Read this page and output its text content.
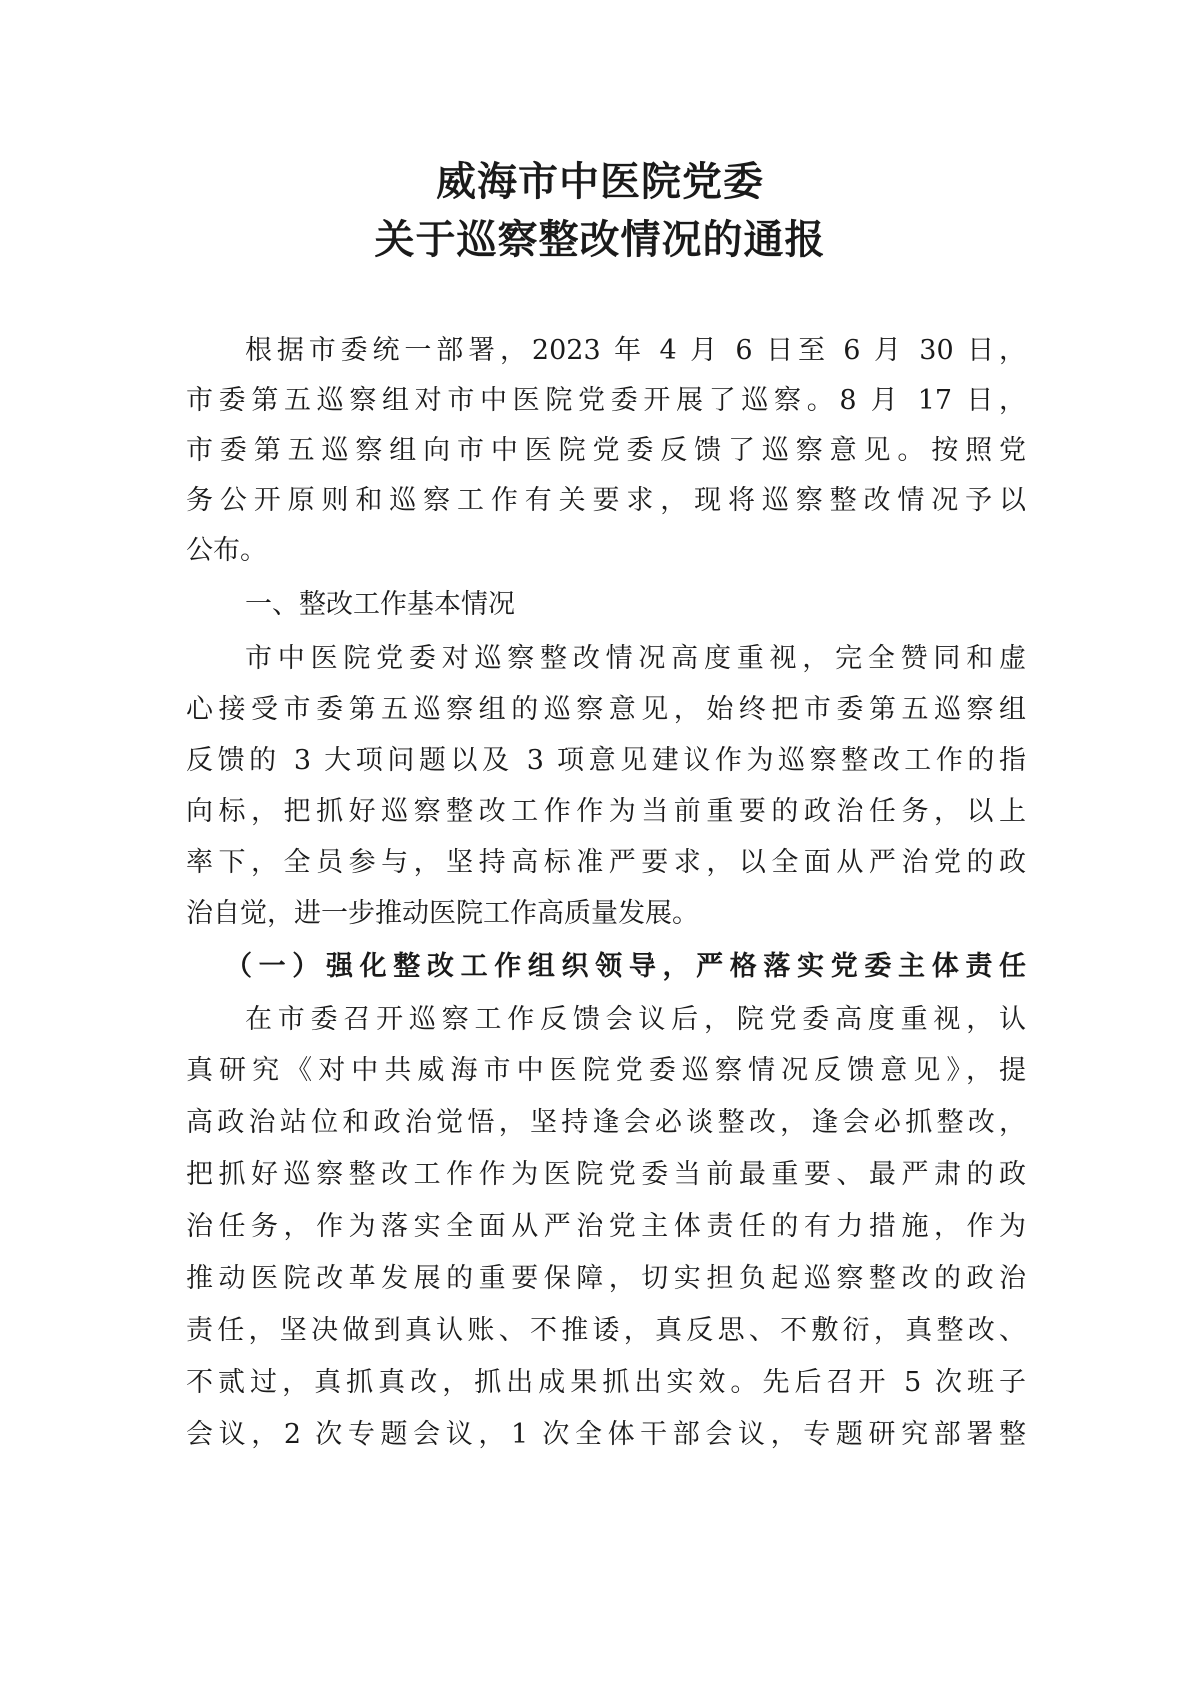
威海市中医院党委
关于巡察整改情况的通报
根据市委统一部署，2023 年 4 月 6 日至 6 月 30 日，
市委第五巡察组对市中医院党委开展了巡察。8 月 17 日，
市委第五巡察组向市中医院党委反馈了巡察意见。按照党
务公开原则和巡察工作有关要求，现将巡察整改情况予以
公布。
一、整改工作基本情况
市中医院党委对巡察整改情况高度重视，完全赞同和虚
心接受市委第五巡察组的巡察意见，始终把市委第五巡察组
反馈的 3 大项问题以及 3 项意见建议作为巡察整改工作的指
向标，把抓好巡察整改工作作为当前重要的政治任务，以上
率下，全员参与，坚持高标准严要求，以全面从严治党的政
治自觉，进一步推动医院工作高质量发展。
（一）强化整改工作组织领导，严格落实党委主体责任
在市委召开巡察工作反馈会议后，院党委高度重视，认
真研究《对中共威海市中医院党委巡察情况反馈意见》，提
高政治站位和政治觉悟，坚持逢会必谈整改，逢会必抓整改，
把抓好巡察整改工作作为医院党委当前最重要、最严肃的政
治任务，作为落实全面从严治党主体责任的有力措施，作为
推动医院改革发展的重要保障，切实担负起巡察整改的政治
责任，坚决做到真认账、不推诿，真反思、不敷衍，真整改、
不贰过，真抓真改，抓出成果抓出实效。先后召开 5 次班子
会议，2 次专题会议，1 次全体干部会议，专题研究部署整
